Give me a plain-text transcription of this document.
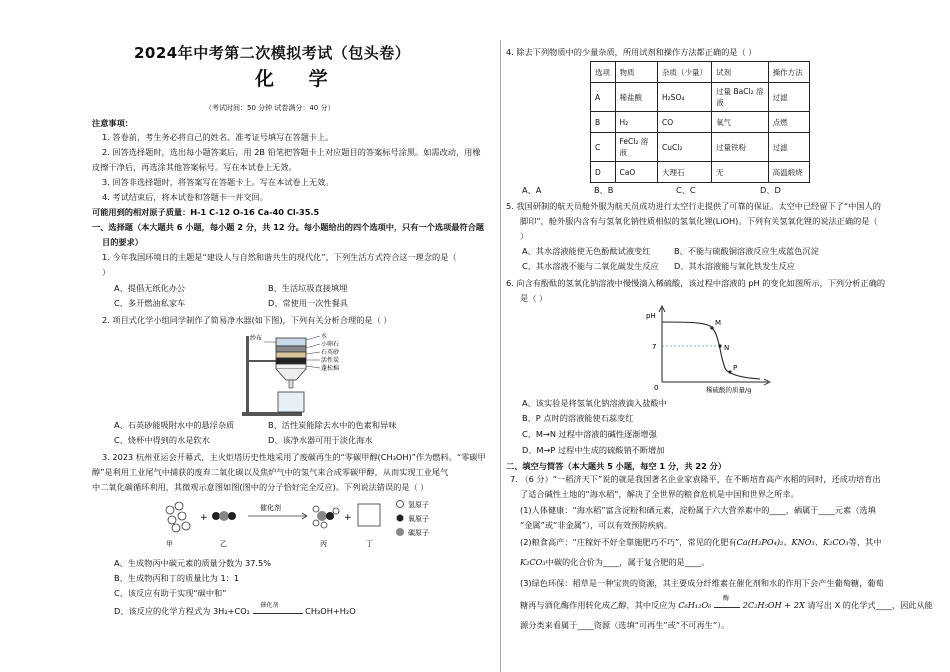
2024年中考第二次模拟考试（包头卷）
化 学
（考试时间：50 分钟 试卷满分：40 分）
注意事项：
1. 答卷前，考生务必将自己的姓名、准考证号填写在答题卡上。
2. 回答选择题时，选出每小题答案后，用 2B 铅笔把答题卡上对应题目的答案标号涂黑。如需改动，用橡
皮擦干净后，再选涂其他答案标号。写在本试卷上无效。
3. 回答非选择题时，将答案写在答题卡上。写在本试卷上无效。
4. 考试结束后，将本试卷和答题卡一并交回。
可能用到的相对原子质量：H-1 C-12 O-16 Ca-40 Cl-35.5
一、选择题（本大题共 6 小题，每小题 2 分，共 12 分。每小题给出的四个选项中，只有一个选项最符合题
目的要求）
1. 今年我国环境日的主题是“建设人与自然和谐共生的现代化”，下列生活方式符合这一理念的是（
）
A、提倡无纸化办公	B、生活垃圾直接填埋
C、多开燃油私家车	D、常使用一次性餐具
2. 项目式化学小组同学制作了简易净水器(如下图)，下列有关分析合理的是（ ）
水
小卵石
石英砂
活性炭
蓬松棉
纱布
A、石英砂能吸附水中的悬浮杂质	B、活性炭能除去水中的色素和异味
C、烧杯中得到的水是软水	D、该净水器可用于淡化海水
3. 2023 杭州亚运会开幕式，主火炬塔历史性地采用了废碳再生的“零碳甲醇(CH₃OH)”作为燃料。“零碳甲
醇”是利用工业尾气中捕获的废弃二氧化碳以及焦炉气中的氢气来合成零碳甲醇，从而实现工业尾气
中二氧化碳循环利用，其微观示意图如图(图中的分子恰好完全反应)。下列说法错误的是（ ）
+
催化剂
+
甲	乙	丙	丁
氢原子
氧原子
碳原子
A、生成物丙中碳元素的质量分数为 37.5%
B、生成物丙和丁的质量比为 1：1
C、该反应有助于实现“碳中和”
D、该反应的化学方程式为 3H₂+CO₂
催化剂
CH₃OH+H₂O
4. 除去下列物质中的少量杂质，所用试剂和操作方法都正确的是（ ）
选项	物质	杂质（少量）	试剂	操作方法
A	稀盐酸	H₂SO₄	过量 BaCl₂ 溶液	过滤
B	H₂	CO	氧气	点燃
C	FeCl₂ 溶液	CuCl₂	过量铁粉	过滤
D	CaO	大理石	无	高温煅烧
A、A	B、B	C、C	D、D
5. 我国研制的航天员舱外服为航天员成功进行太空行走提供了可靠的保证。太空中已经留下了“中国人的
脚印”，舱外服内含有与氢氧化钠性质相似的氢氧化锂(LiOH)。下列有关氢氧化锂的说法正确的是（
）
A、其水溶液能使无色酚酞试液变红	B、不能与硫酸铜溶液反应生成蓝色沉淀
C、其水溶液不能与二氧化碳发生反应 D、其水溶液能与氧化铁发生反应
6. 向含有酚酞的氢氧化钠溶液中慢慢滴入稀硫酸，该过程中溶液的 pH 的变化如图所示，下列分析正确的
是（ ）
pH
0
7
M
N
P
稀硫酸的质量/g
A、该实验是将氢氧化钠溶液滴入盐酸中
B、P 点时的溶液能使石蕊变红
C、M→N 过程中溶液的碱性逐渐增强
D、M→P 过程中生成的硫酸钠不断增加
二、填空与简答（本大题共 5 小题，每空 1 分，共 22 分）
7. （6 分）“一稻济天下”说的就是我国著名企业家袁隆平，在不断培育高产水稻的同时，还成功培育出
了适合碱性土地的“海水稻”，解决了全世界的粮食危机是中国和世界之所幸。
(1)人体健康：“海水稻”富含淀粉和硒元素，淀粉属于六大营养素中的____，硒属于____元素（选填
“金属”或“非金属”），可以有效预防疾病。
(2)粮食高产：“庄稼好不好全靠施肥巧不巧”，常见的化肥有Ca(H₂PO₄)₂、KNO₃、K₂CO₃等，其中
K₂CO₃中碳的化合价为____，属于复合肥的是____。
(3)绿色环保：稻草是一种宝贵的资源，其主要成分纤维素在催化剂和水的作用下会产生葡萄糖，葡萄
糖再与酒化酶作用转化成乙醇，其中反应为 C₆H₁₂O₆
酶
2C₂H₅OH + 2X 请写出 X 的化学式____，因此从能
源分类来看属于____资源（选填“可再生”或“不可再生”）。
